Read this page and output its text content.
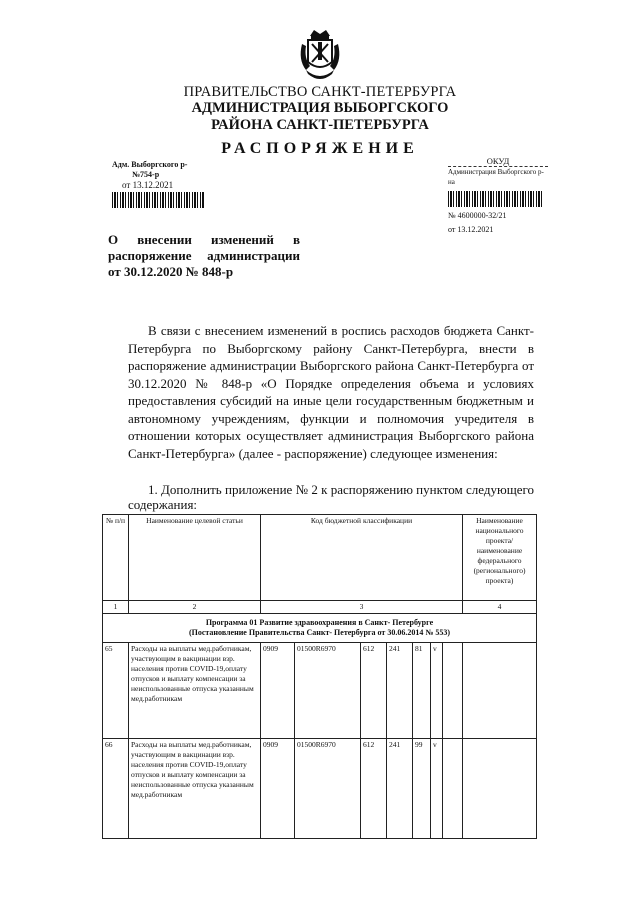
ПРАВИТЕЛЬСТВО САНКТ-ПЕТЕРБУРГА
АДМИНИСТРАЦИЯ ВЫБОРГСКОГО
РАЙОНА САНКТ-ПЕТЕРБУРГА
РАСПОРЯЖЕНИЕ
Адм. Выборгского р-
№754-р
от 13.12.2021
ОКУД
Администрация Выборгского р-на
№ 4600000-32/21
от 13.12.2021
О внесении изменений в распоряжение администрации от 30.12.2020 № 848-р
В связи с внесением изменений в роспись расходов бюджета Санкт-Петербурга по Выборгскому району Санкт-Петербурга, внести в распоряжение администрации Выборгского района Санкт-Петербурга от 30.12.2020 № 848-р «О Порядке определения объема и условиях предоставления субсидий на иные цели государственным бюджетным и автономному учреждениям, функции и полномочия учредителя в отношении которых осуществляет администрация Выборгского района Санкт-Петербурга» (далее - распоряжение) следующее изменения:
1. Дополнить приложение № 2 к распоряжению пунктом следующего содержания:
№ п/п	Наименование целевой статьи	Код бюджетной классификации							Наименование национального проекта/наименование федерального (регионального) проекта)
1	2	3							4

Программа 01 Развитие здравоохранения в Санкт- Петербурге
(Постановление Правительства Санкт- Петербурга от 30.06.2014 № 553)									

65	Расходы на выплаты мед.работникам, участвующим в вакцинации взр. населения против COVID-19,оплату отпусков и выплату компенсации за неиспользованные отпуска указанным мед.работникам	0909	01500R6970	612	241	81	v		
66	Расходы на выплаты мед.работникам, участвующим в вакцинации взр. населения против COVID-19,оплату отпусков и выплату компенсации за неиспользованные отпуска указанным мед.работникам	0909	01500R6970	612	241	99	v		
